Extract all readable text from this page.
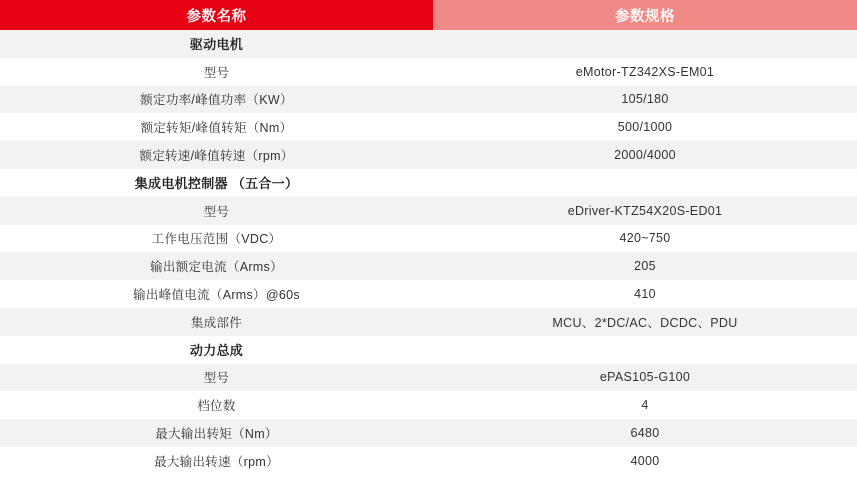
参数名称	参数规格
驱动电机	
型号	eMotor-TZ342XS-EM01
额定功率/峰值功率（KW）	105/180
额定转矩/峰值转矩（Nm）	500/1000
额定转速/峰值转速（rpm）	2000/4000
集成电机控制器 （五合一）	
型号	eDriver-KTZ54X20S-ED01
工作电压范围（VDC）	420~750
输出额定电流（Arms）	205
输出峰值电流（Arms）@60s	410
集成部件	MCU、2*DC/AC、DCDC、PDU
动力总成	
型号	ePAS105-G100
档位数	4
最大输出转矩（Nm）	6480
最大输出转速（rpm）	4000
